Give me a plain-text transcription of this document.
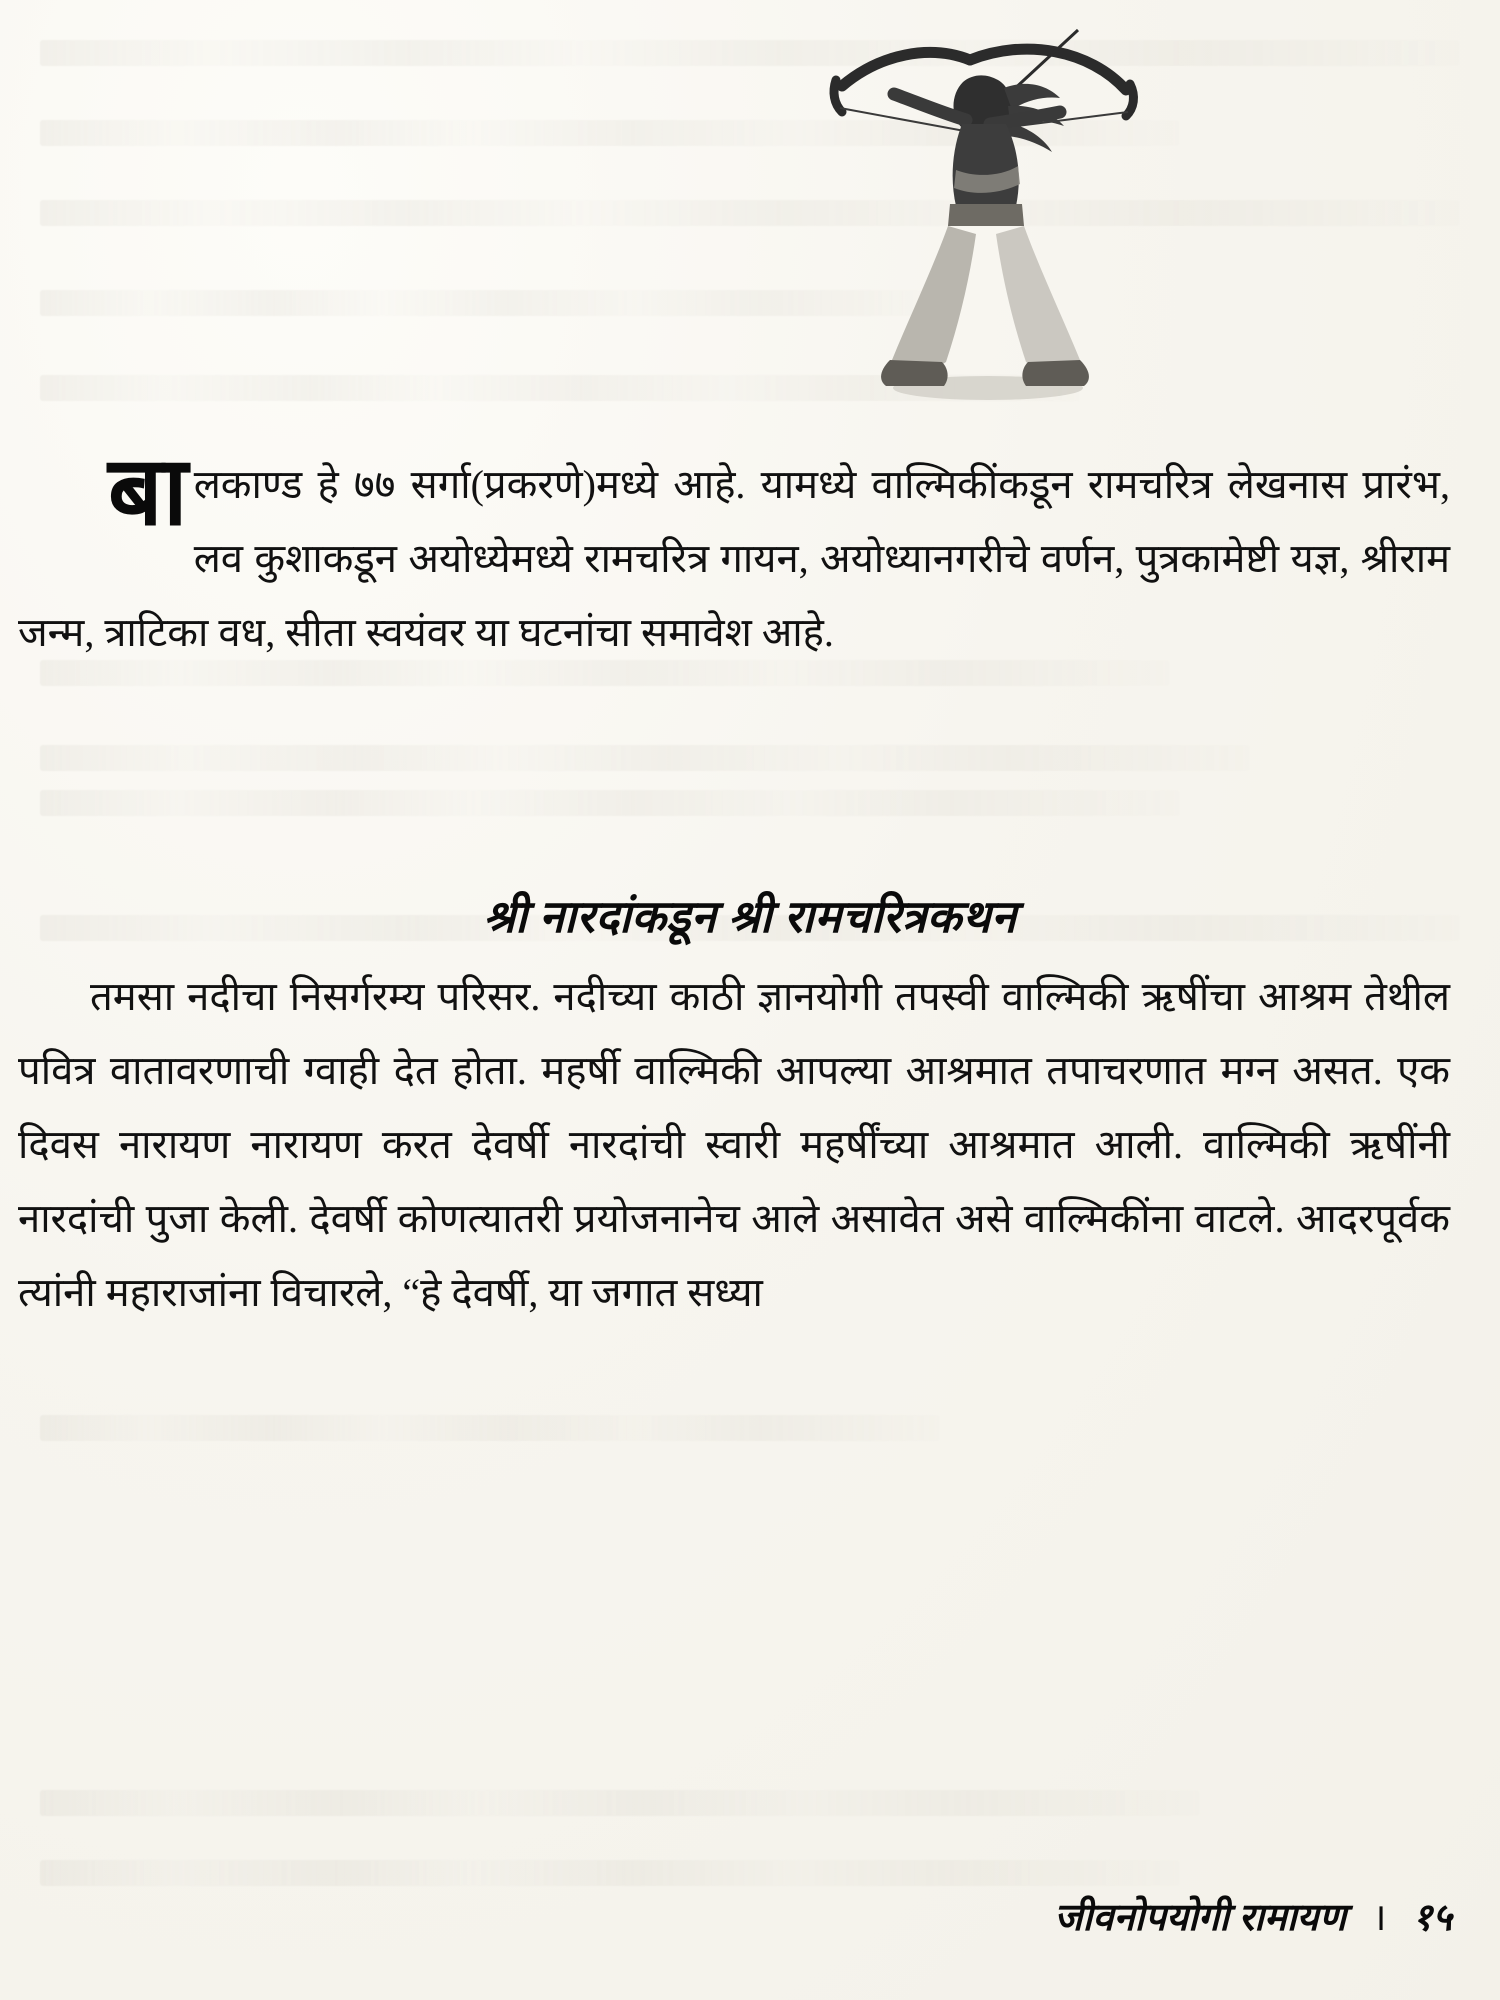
बालकाण्ड हे ७७ सर्गा(प्रकरणे)मध्ये आहे. यामध्ये वाल्मिकींकडून रामचरित्र लेखनास प्रारंभ, लव कुशाकडून अयोध्येमध्ये रामचरित्र गायन, अयोध्यानगरीचे वर्णन, पुत्रकामेष्टी यज्ञ, श्रीराम जन्म, त्राटिका वध, सीता स्वयंवर या घटनांचा समावेश आहे.
श्री नारदांकडून श्री रामचरित्रकथन
तमसा नदीचा निसर्गरम्य परिसर. नदीच्या काठी ज्ञानयोगी तपस्वी वाल्मिकी ऋषींचा आश्रम तेथील पवित्र वातावरणाची ग्वाही देत होता. महर्षी वाल्मिकी आपल्या आश्रमात तपाचरणात मग्न असत. एक दिवस नारायण नारायण करत देवर्षी नारदांची स्वारी महर्षींच्या आश्रमात आली. वाल्मिकी ऋषींनी नारदांची पुजा केली. देवर्षी कोणत्यातरी प्रयोजनानेच आले असावेत असे वाल्मिकींना वाटले. आदरपूर्वक त्यांनी महाराजांना विचारले, “हे देवर्षी, या जगात सध्या
जीवनोपयोगी रामायण । १५
